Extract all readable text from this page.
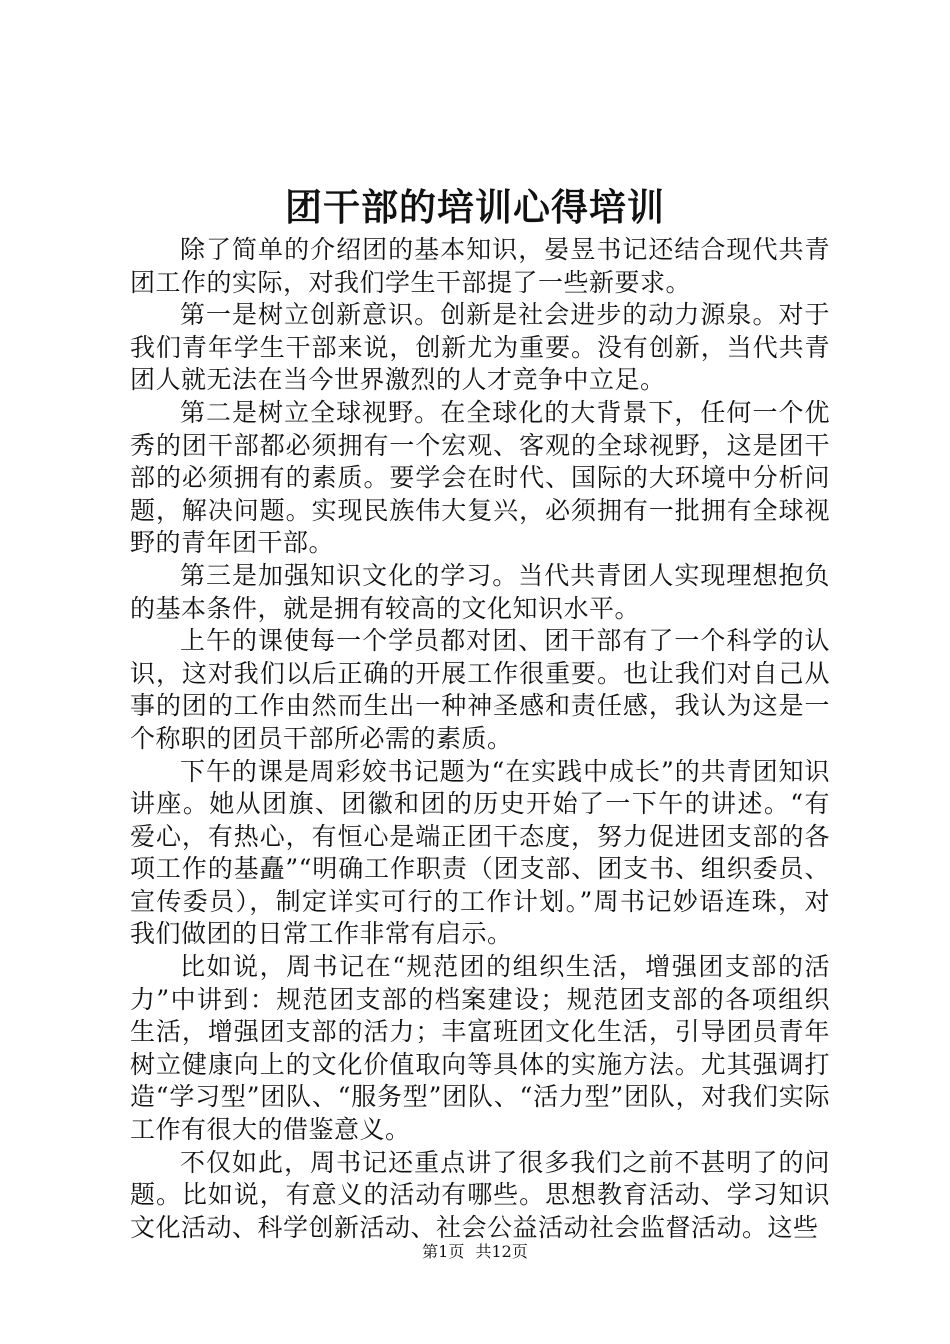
团干部的培训心得培训

除了简单的介绍团的基本知识，晏昱书记还结合现代共青团工作的实际，对我们学生干部提了一些新要求。

第一是树立创新意识。创新是社会进步的动力源泉。对于我们青年学生干部来说，创新尤为重要。没有创新，当代共青团人就无法在当今世界激烈的人才竞争中立足。

第二是树立全球视野。在全球化的大背景下，任何一个优秀的团干部都必须拥有一个宏观、客观的全球视野，这是团干部的必须拥有的素质。要学会在时代、国际的大环境中分析问题，解决问题。实现民族伟大复兴，必须拥有一批拥有全球视野的青年团干部。

第三是加强知识文化的学习。当代共青团人实现理想抱负的基本条件，就是拥有较高的文化知识水平。

上午的课使每一个学员都对团、团干部有了一个科学的认识，这对我们以后正确的开展工作很重要。也让我们对自己从事的团的工作由然而生出一种神圣感和责任感，我认为这是一个称职的团员干部所必需的素质。

下午的课是周彩姣书记题为“在实践中成长”的共青团知识讲座。她从团旗、团徽和团的历史开始了一下午的讲述。“有爱心，有热心，有恒心是端正团干态度，努力促进团支部的各项工作的基矗”“明确工作职责（团支部、团支书、组织委员、宣传委员），制定详实可行的工作计划。”周书记妙语连珠，对我们做团的日常工作非常有启示。

比如说，周书记在“规范团的组织生活，增强团支部的活力”中讲到：规范团支部的档案建设；规范团支部的各项组织生活，增强团支部的活力；丰富班团文化生活，引导团员青年树立健康向上的文化价值取向等具体的实施方法。尤其强调打造“学习型”团队、“服务型”团队、“活力型”团队，对我们实际工作有很大的借鉴意义。

不仅如此，周书记还重点讲了很多我们之前不甚明了的问题。比如说，有意义的活动有哪些。思想教育活动、学习知识文化活动、科学创新活动、社会公益活动社会监督活动。这些

第1页 共12页
